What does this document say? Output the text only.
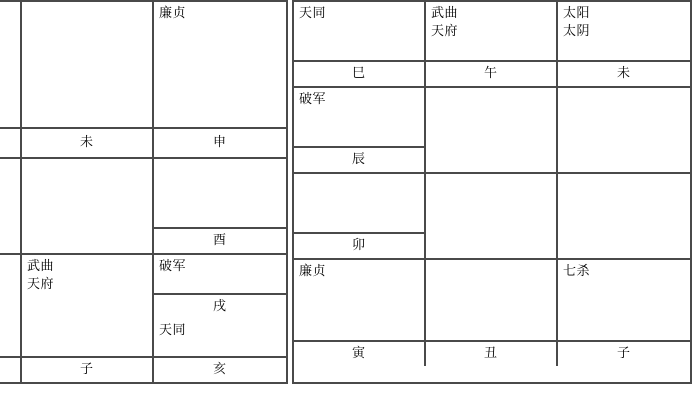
廉贞
未	申
酉
武曲
天府
子
破军
戌
天同
亥
天同
巳
武曲
天府
午
太阳
太阴
未
破军
辰
卯
廉贞
寅	丑
七杀
子
